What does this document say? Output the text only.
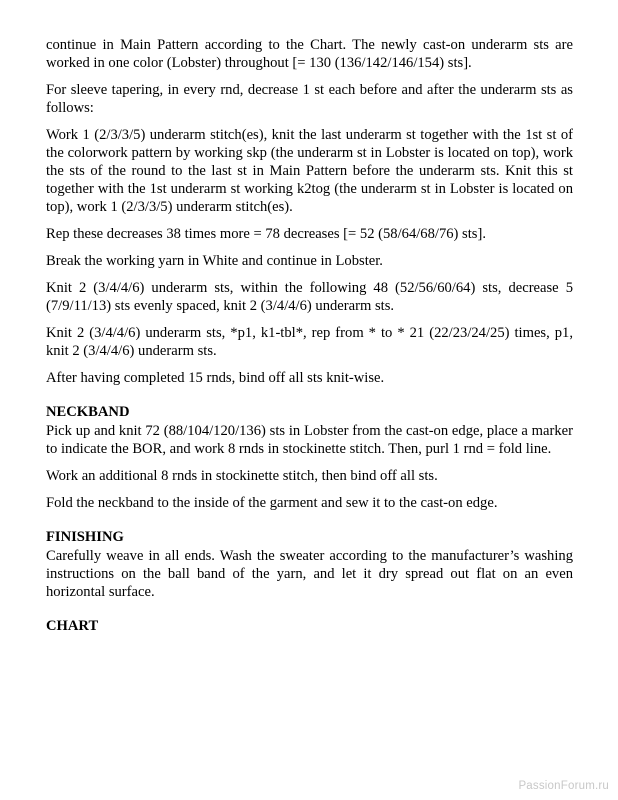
continue in Main Pattern according to the Chart. The newly cast-on underarm sts are worked in one color (Lobster) throughout [= 130 (136/142/146/154) sts].

For sleeve tapering, in every rnd, decrease 1 st each before and after the underarm sts as follows:

Work 1 (2/3/3/5) underarm stitch(es), knit the last underarm st together with the 1st st of the colorwork pattern by working skp (the underarm st in Lobster is located on top), work the sts of the round to the last st in Main Pattern before the underarm sts. Knit this st together with the 1st underarm st working k2tog (the underarm st in Lobster is located on top), work 1 (2/3/3/5) underarm stitch(es).

Rep these decreases 38 times more = 78 decreases [= 52 (58/64/68/76) sts].

Break the working yarn in White and continue in Lobster.

Knit 2 (3/4/4/6) underarm sts, within the following 48 (52/56/60/64) sts, decrease 5 (7/9/11/13) sts evenly spaced, knit 2 (3/4/4/6) underarm sts.

Knit 2 (3/4/4/6) underarm sts, *p1, k1-tbl*, rep from * to * 21 (22/23/24/25) times, p1, knit 2 (3/4/4/6) underarm sts.

After having completed 15 rnds, bind off all sts knit-wise.

NECKBAND

Pick up and knit 72 (88/104/120/136) sts in Lobster from the cast-on edge, place a marker to indicate the BOR, and work 8 rnds in stockinette stitch. Then, purl 1 rnd = fold line.

Work an additional 8 rnds in stockinette stitch, then bind off all sts.

Fold the neckband to the inside of the garment and sew it to the cast-on edge.

FINISHING

Carefully weave in all ends. Wash the sweater according to the manufacturer’s washing instructions on the ball band of the yarn, and let it dry spread out flat on an even horizontal surface.

CHART
PassionForum.ru
